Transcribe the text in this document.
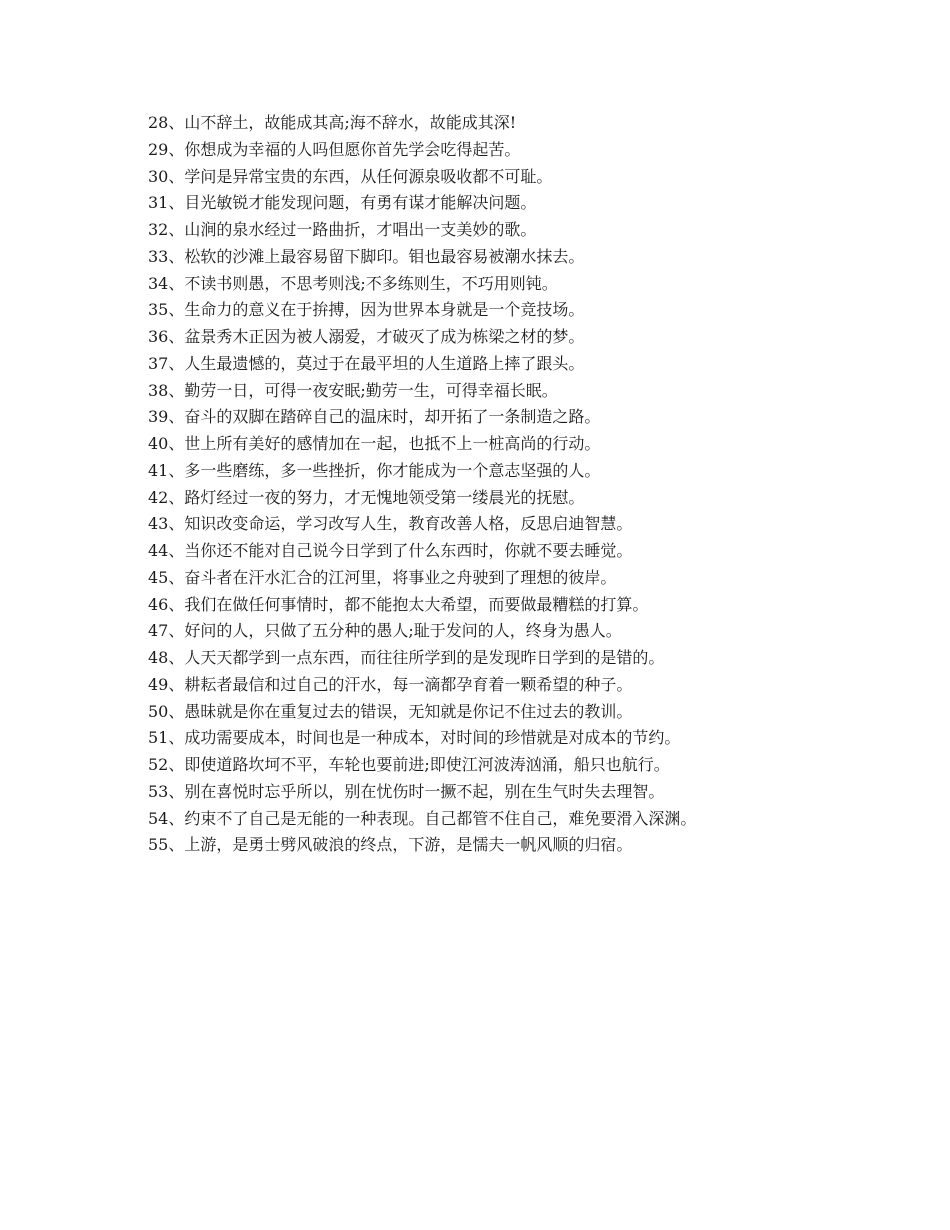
28、山不辞土，故能成其高;海不辞水，故能成其深!
29、你想成为幸福的人吗但愿你首先学会吃得起苦。
30、学问是异常宝贵的东西，从任何源泉吸收都不可耻。
31、目光敏锐才能发现问题，有勇有谋才能解决问题。
32、山涧的泉水经过一路曲折，才唱出一支美妙的歌。
33、松软的沙滩上最容易留下脚印。钼也最容易被潮水抹去。
34、不读书则愚，不思考则浅;不多练则生，不巧用则钝。
35、生命力的意义在于拚搏，因为世界本身就是一个竞技场。
36、盆景秀木正因为被人溺爱，才破灭了成为栋梁之材的梦。
37、人生最遗憾的，莫过于在最平坦的人生道路上摔了跟头。
38、勤劳一日，可得一夜安眠;勤劳一生，可得幸福长眠。
39、奋斗的双脚在踏碎自己的温床时，却开拓了一条制造之路。
40、世上所有美好的感情加在一起，也抵不上一桩高尚的行动。
41、多一些磨练，多一些挫折，你才能成为一个意志坚强的人。
42、路灯经过一夜的努力，才无愧地领受第一缕晨光的抚慰。
43、知识改变命运，学习改写人生，教育改善人格，反思启迪智慧。
44、当你还不能对自己说今日学到了什么东西时，你就不要去睡觉。
45、奋斗者在汗水汇合的江河里，将事业之舟驶到了理想的彼岸。
46、我们在做任何事情时，都不能抱太大希望，而要做最糟糕的打算。
47、好问的人，只做了五分种的愚人;耻于发问的人，终身为愚人。
48、人天天都学到一点东西，而往往所学到的是发现昨日学到的是错的。
49、耕耘者最信和过自己的汗水，每一滴都孕育着一颗希望的种子。
50、愚昧就是你在重复过去的错误，无知就是你记不住过去的教训。
51、成功需要成本，时间也是一种成本，对时间的珍惜就是对成本的节约。
52、即使道路坎坷不平，车轮也要前进;即使江河波涛汹涌，船只也航行。
53、别在喜悦时忘乎所以，别在忧伤时一撅不起，别在生气时失去理智。
54、约束不了自己是无能的一种表现。自己都管不住自己，难免要滑入深渊。
55、上游，是勇士劈风破浪的终点，下游，是懦夫一帆风顺的归宿。
